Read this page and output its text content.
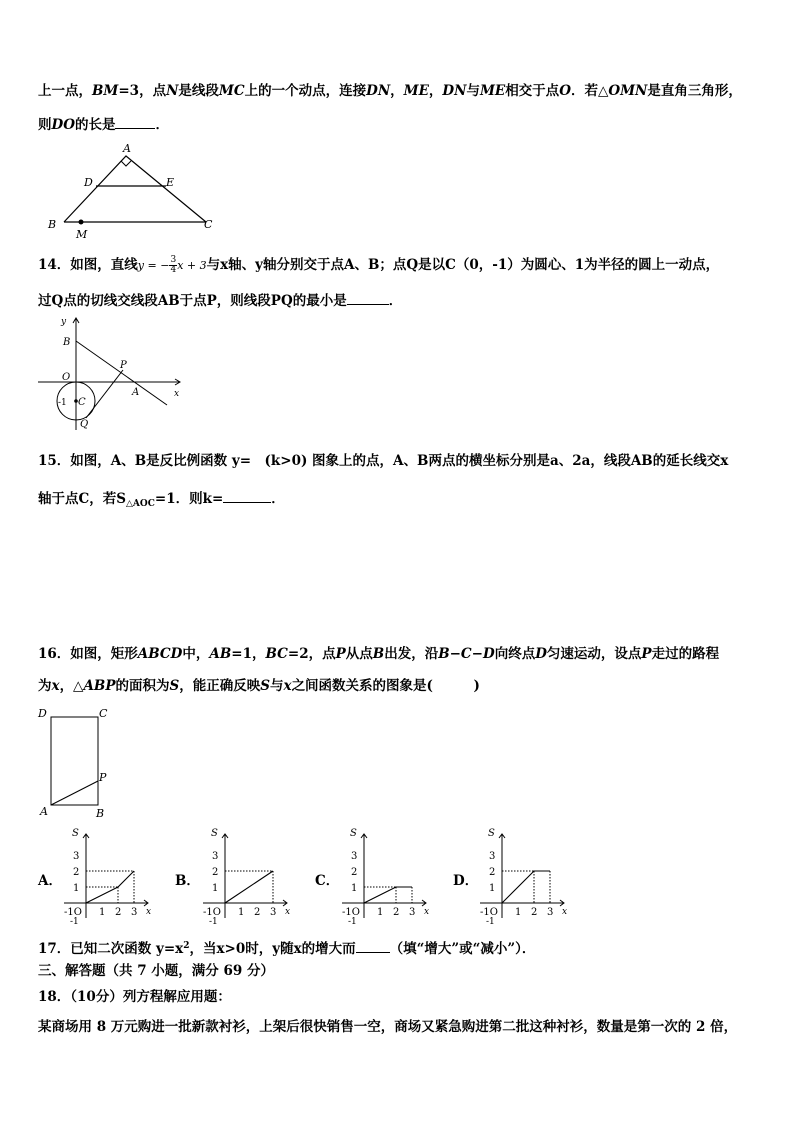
上一点，BM=3，点N是线段MC上的一个动点，连接DN，ME，DN与ME相交于点O．若△OMN是直角三角形，
则DO的长是	．
A
D	E
B	C
M
14．如图，直线y = − $\frac{3}{4}$ x + 3与x轴、y轴分别交于点A、B；点Q是以C（0，-1）为圆心、1为半径的圆上一动点，
过Q点的切线交线段AB于点P，则线段PQ的最小是	．
y
x
B
O
P
A
-1 C
Q
15．如图，A、B是反比例函数 y=　(k>0) 图象上的点，A、B两点的横坐标分别是a、2a，线段AB的延长线交x
轴于点C，若$S_{\triangle AOC}=1$．则k=	．
16．如图，矩形ABCD中，AB=1，BC=2，点P从点B出发，沿B−C−D向终点D匀速运动，设点P走过的路程
为x，△ABP的面积为S，能正确反映S与x之间函数关系的图象是(　　　)
D	C
P
A	B
A．	B．	C．	D．
S
x
3
2
1
-1O 1 2 3
-1
S
x
3
2
1
-1O 1 2 3
-1
S
x
3
2
1
-1O 1 2 3
-1
S
x
3
2
1
-1O 1 2 3
-1
17．已知二次函数 $y=x^2$，当x>0时，y随x的增大而	（填“增大”或“减小”）．
三、解答题（共 7 小题，满分 69 分）
18．（10分）列方程解应用题：
某商场用 8 万元购进一批新款衬衫，上架后很快销售一空，商场又紧急购进第二批这种衬衫，数量是第一次的 2 倍，
